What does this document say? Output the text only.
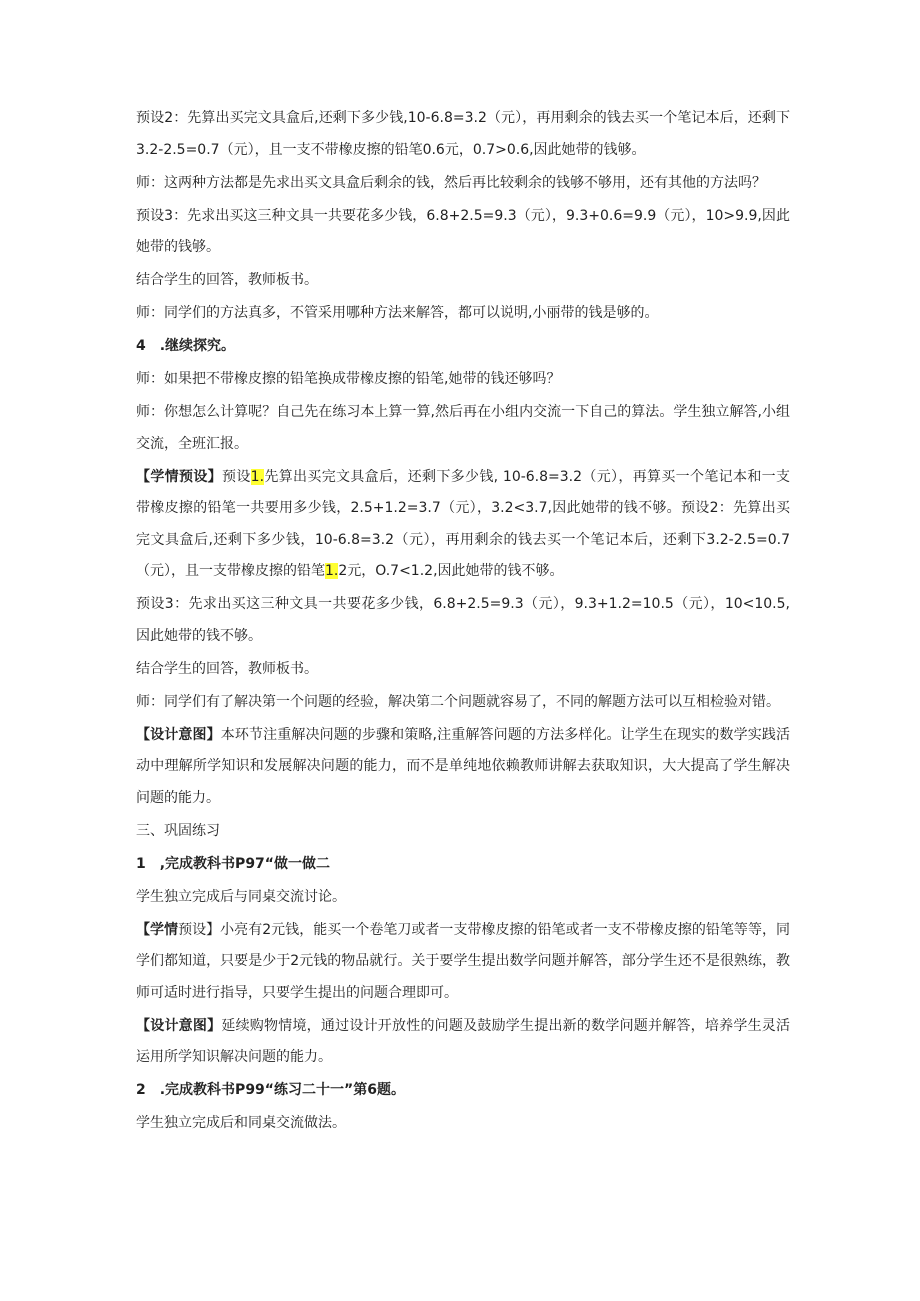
预设2：先算出买完文具盒后,还剩下多少钱,10-6.8=3.2（元），再用剩余的钱去买一个笔记本后，还剩下3.2-2.5=0.7（元），且一支不带橡皮擦的铅笔0.6元，0.7>0.6,因此她带的钱够。

师：这两种方法都是先求出买文具盒后剩余的钱，然后再比较剩余的钱够不够用，还有其他的方法吗？

预设3：先求出买这三种文具一共要花多少钱，6.8+2.5=9.3（元），9.3+0.6=9.9（元），10>9.9,因此她带的钱够。

结合学生的回答，教师板书。

师：同学们的方法真多，不管采用哪种方法来解答，都可以说明,小丽带的钱是够的。

4　.继续探究。

师：如果把不带橡皮擦的铅笔换成带橡皮擦的铅笔,她带的钱还够吗？

师：你想怎么计算呢？自己先在练习本上算一算,然后再在小组内交流一下自己的算法。学生独立解答,小组交流，全班汇报。

【学情预设】预设1.先算出买完文具盒后，还剩下多少钱, 10-6.8=3.2（元），再算买一个笔记本和一支带橡皮擦的铅笔一共要用多少钱，2.5+1.2=3.7（元），3.2<3.7,因此她带的钱不够。预设2：先算出买完文具盒后,还剩下多少钱，10-6.8=3.2（元），再用剩余的钱去买一个笔记本后，还剩下3.2-2.5=0.7（元），且一支带橡皮擦的铅笔1.2元，O.7<1.2,因此她带的钱不够。

预设3：先求出买这三种文具一共要花多少钱，6.8+2.5=9.3（元），9.3+1.2=10.5（元），10<10.5,因此她带的钱不够。

结合学生的回答，教师板书。

师：同学们有了解决第一个问题的经验，解决第二个问题就容易了，不同的解题方法可以互相检验对错。

【设计意图】本环节注重解决问题的步骤和策略,注重解答问题的方法多样化。让学生在现实的数学实践活动中理解所学知识和发展解决问题的能力，而不是单纯地依赖教师讲解去获取知识，大大提高了学生解决问题的能力。

三、巩固练习

1　,完成教科书P97“做一做二

学生独立完成后与同桌交流讨论。

【学情预设】小亮有2元钱，能买一个卷笔刀或者一支带橡皮擦的铅笔或者一支不带橡皮擦的铅笔等等，同学们都知道，只要是少于2元钱的物品就行。关于要学生提出数学问题并解答，部分学生还不是很熟练，教师可适时进行指导，只要学生提出的问题合理即可。

【设计意图】延续购物情境，通过设计开放性的问题及鼓励学生提出新的数学问题并解答，培养学生灵活运用所学知识解决问题的能力。

2　.完成教科书P99“练习二十一”第6题。

学生独立完成后和同桌交流做法。
